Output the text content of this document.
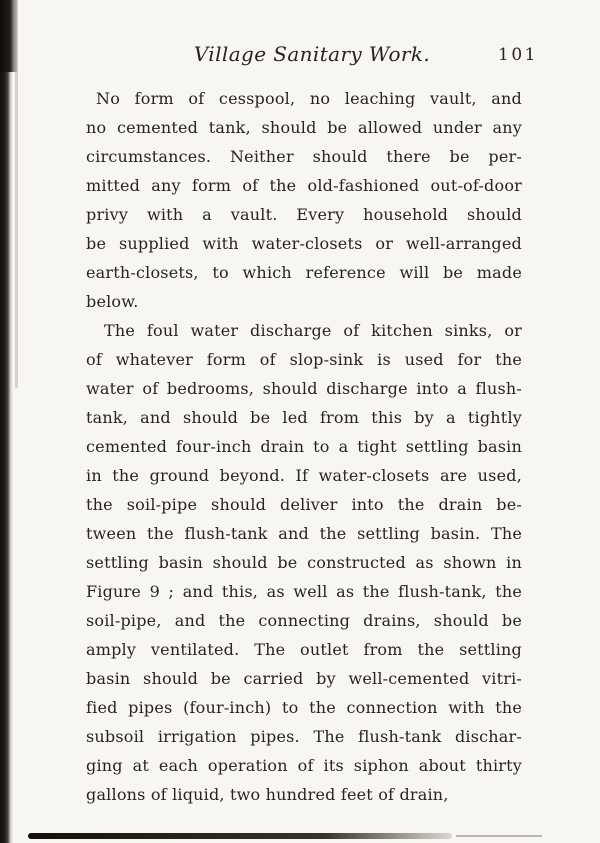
Village Sanitary Work.	101
No form of cesspool, no leaching vault, and
no cemented tank, should be allowed under any
circumstances. Neither should there be per-
mitted any form of the old-fashioned out-of-door
privy with a vault. Every household should
be supplied with water-closets or well-arranged
earth-closets, to which reference will be made
below.
The foul water discharge of kitchen sinks, or
of whatever form of slop-sink is used for the
water of bedrooms, should discharge into a flush-
tank, and should be led from this by a tightly
cemented four-inch drain to a tight settling basin
in the ground beyond. If water-closets are used,
the soil-pipe should deliver into the drain be-
tween the flush-tank and the settling basin. The
settling basin should be constructed as shown in
Figure 9 ; and this, as well as the flush-tank, the
soil-pipe, and the connecting drains, should be
amply ventilated. The outlet from the settling
basin should be carried by well-cemented vitri-
fied pipes (four-inch) to the connection with the
subsoil irrigation pipes. The flush-tank dischar-
ging at each operation of its siphon about thirty
gallons of liquid, two hundred feet of drain,
